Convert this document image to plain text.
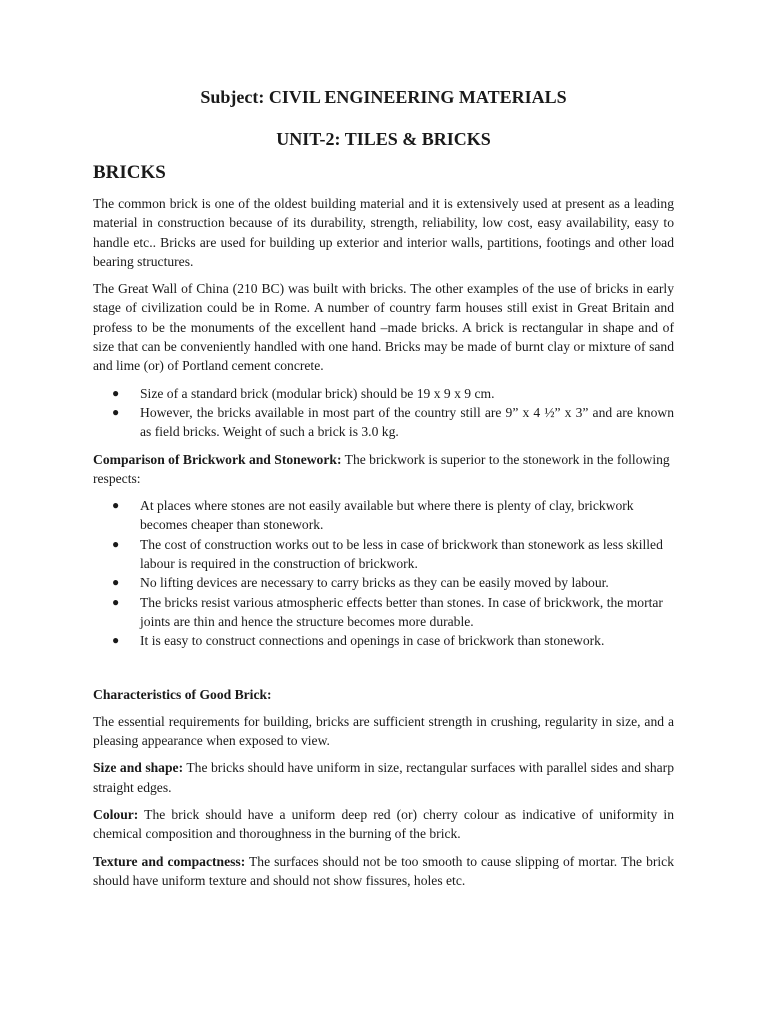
Subject: CIVIL ENGINEERING MATERIALS
UNIT-2: TILES & BRICKS
BRICKS

The common brick is one of the oldest building material and it is extensively used at present as a leading material in construction because of its durability, strength, reliability, low cost, easy availability, easy to handle etc.. Bricks are used for building up exterior and interior walls, partitions, footings and other load bearing structures.

The Great Wall of China (210 BC) was built with bricks. The other examples of the use of bricks in early stage of civilization could be in Rome. A number of country farm houses still exist in Great Britain and profess to be the monuments of the excellent hand –made bricks. A brick is rectangular in shape and of size that can be conveniently handled with one hand. Bricks may be made of burnt clay or mixture of sand and lime (or) of Portland cement concrete.

● Size of a standard brick (modular brick) should be 19 x 9 x 9 cm.
● However, the bricks available in most part of the country still are 9” x 4 ½” x 3” and are known as field bricks. Weight of such a brick is 3.0 kg.

Comparison of Brickwork and Stonework: The brickwork is superior to the stonework in the following respects:

● At places where stones are not easily available but where there is plenty of clay, brickwork becomes cheaper than stonework.
● The cost of construction works out to be less in case of brickwork than stonework as less skilled labour is required in the construction of brickwork.
● No lifting devices are necessary to carry bricks as they can be easily moved by labour.
● The bricks resist various atmospheric effects better than stones. In case of brickwork, the mortar joints are thin and hence the structure becomes more durable.
● It is easy to construct connections and openings in case of brickwork than stonework.

Characteristics of Good Brick:

The essential requirements for building, bricks are sufficient strength in crushing, regularity in size, and a pleasing appearance when exposed to view.

Size and shape: The bricks should have uniform in size, rectangular surfaces with parallel sides and sharp straight edges.

Colour: The brick should have a uniform deep red (or) cherry colour as indicative of uniformity in chemical composition and thoroughness in the burning of the brick.

Texture and compactness: The surfaces should not be too smooth to cause slipping of mortar. The brick should have uniform texture and should not show fissures, holes etc.
